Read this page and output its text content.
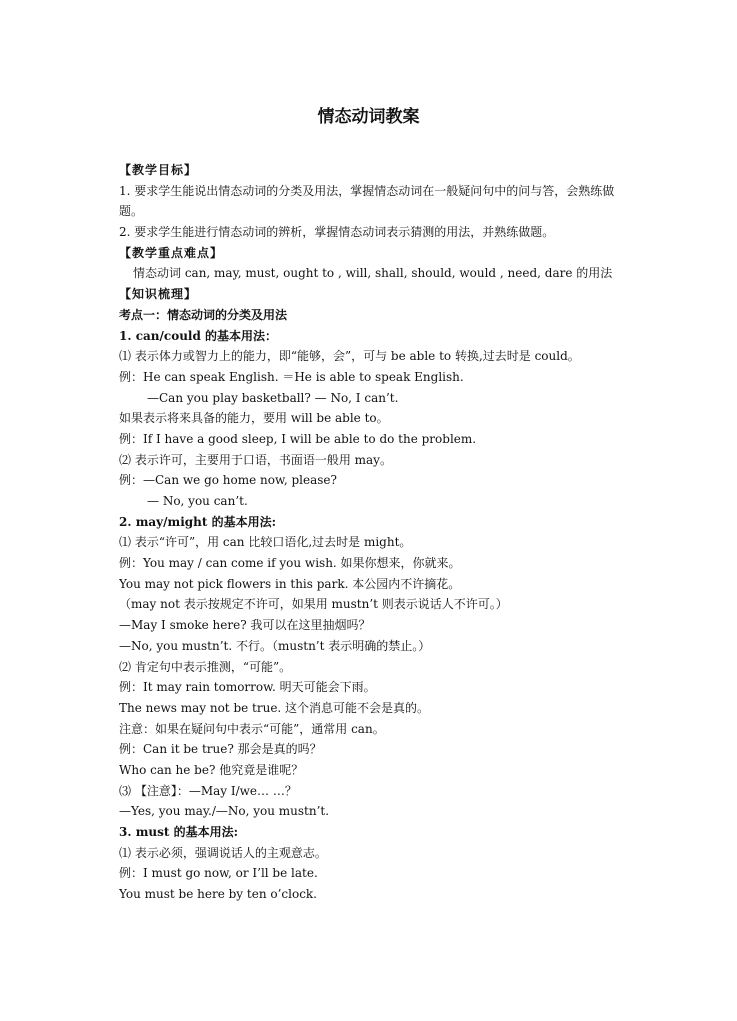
情态动词教案
【教学目标】
1. 要求学生能说出情态动词的分类及用法，掌握情态动词在一般疑问句中的问与答，会熟练做题。
2. 要求学生能进行情态动词的辨析，掌握情态动词表示猜测的用法，并熟练做题。
【教学重点难点】
情态动词 can, may, must, ought to , will, shall, should, would , need, dare 的用法
【知识梳理】
考点一：情态动词的分类及用法
1. can/could 的基本用法：
⑴ 表示体力或智力上的能力，即“能够，会”，可与 be able to 转换,过去时是 could。
例：He can speak English. ＝He is able to speak English.
—Can you play basketball? — No, I can’t.
如果表示将来具备的能力，要用 will be able to。
例：If I have a good sleep, I will be able to do the problem.
⑵ 表示许可，主要用于口语，书面语一般用 may。
例：—Can we go home now, please?
— No, you can’t.
2. may/might 的基本用法:
⑴ 表示“许可”，用 can 比较口语化,过去时是 might。
例：You may / can come if you wish. 如果你想来，你就来。
You may not pick flowers in this park. 本公园内不许摘花。
（may not 表示按规定不许可，如果用 mustn’t 则表示说话人不许可。）
—May I smoke here? 我可以在这里抽烟吗？
—No, you mustn’t. 不行。（mustn’t 表示明确的禁止。）
⑵ 肯定句中表示推测，“可能”。
例：It may rain tomorrow. 明天可能会下雨。
The news may not be true. 这个消息可能不会是真的。
注意：如果在疑问句中表示“可能”，通常用 can。
例：Can it be true? 那会是真的吗？
Who can he be? 他究竟是谁呢？
⑶ 【注意】：—May I/we… …？
—Yes, you may./—No, you mustn’t.
3. must 的基本用法:
⑴ 表示必须，强调说话人的主观意志。
例：I must go now, or I’ll be late.
You must be here by ten o’clock.
